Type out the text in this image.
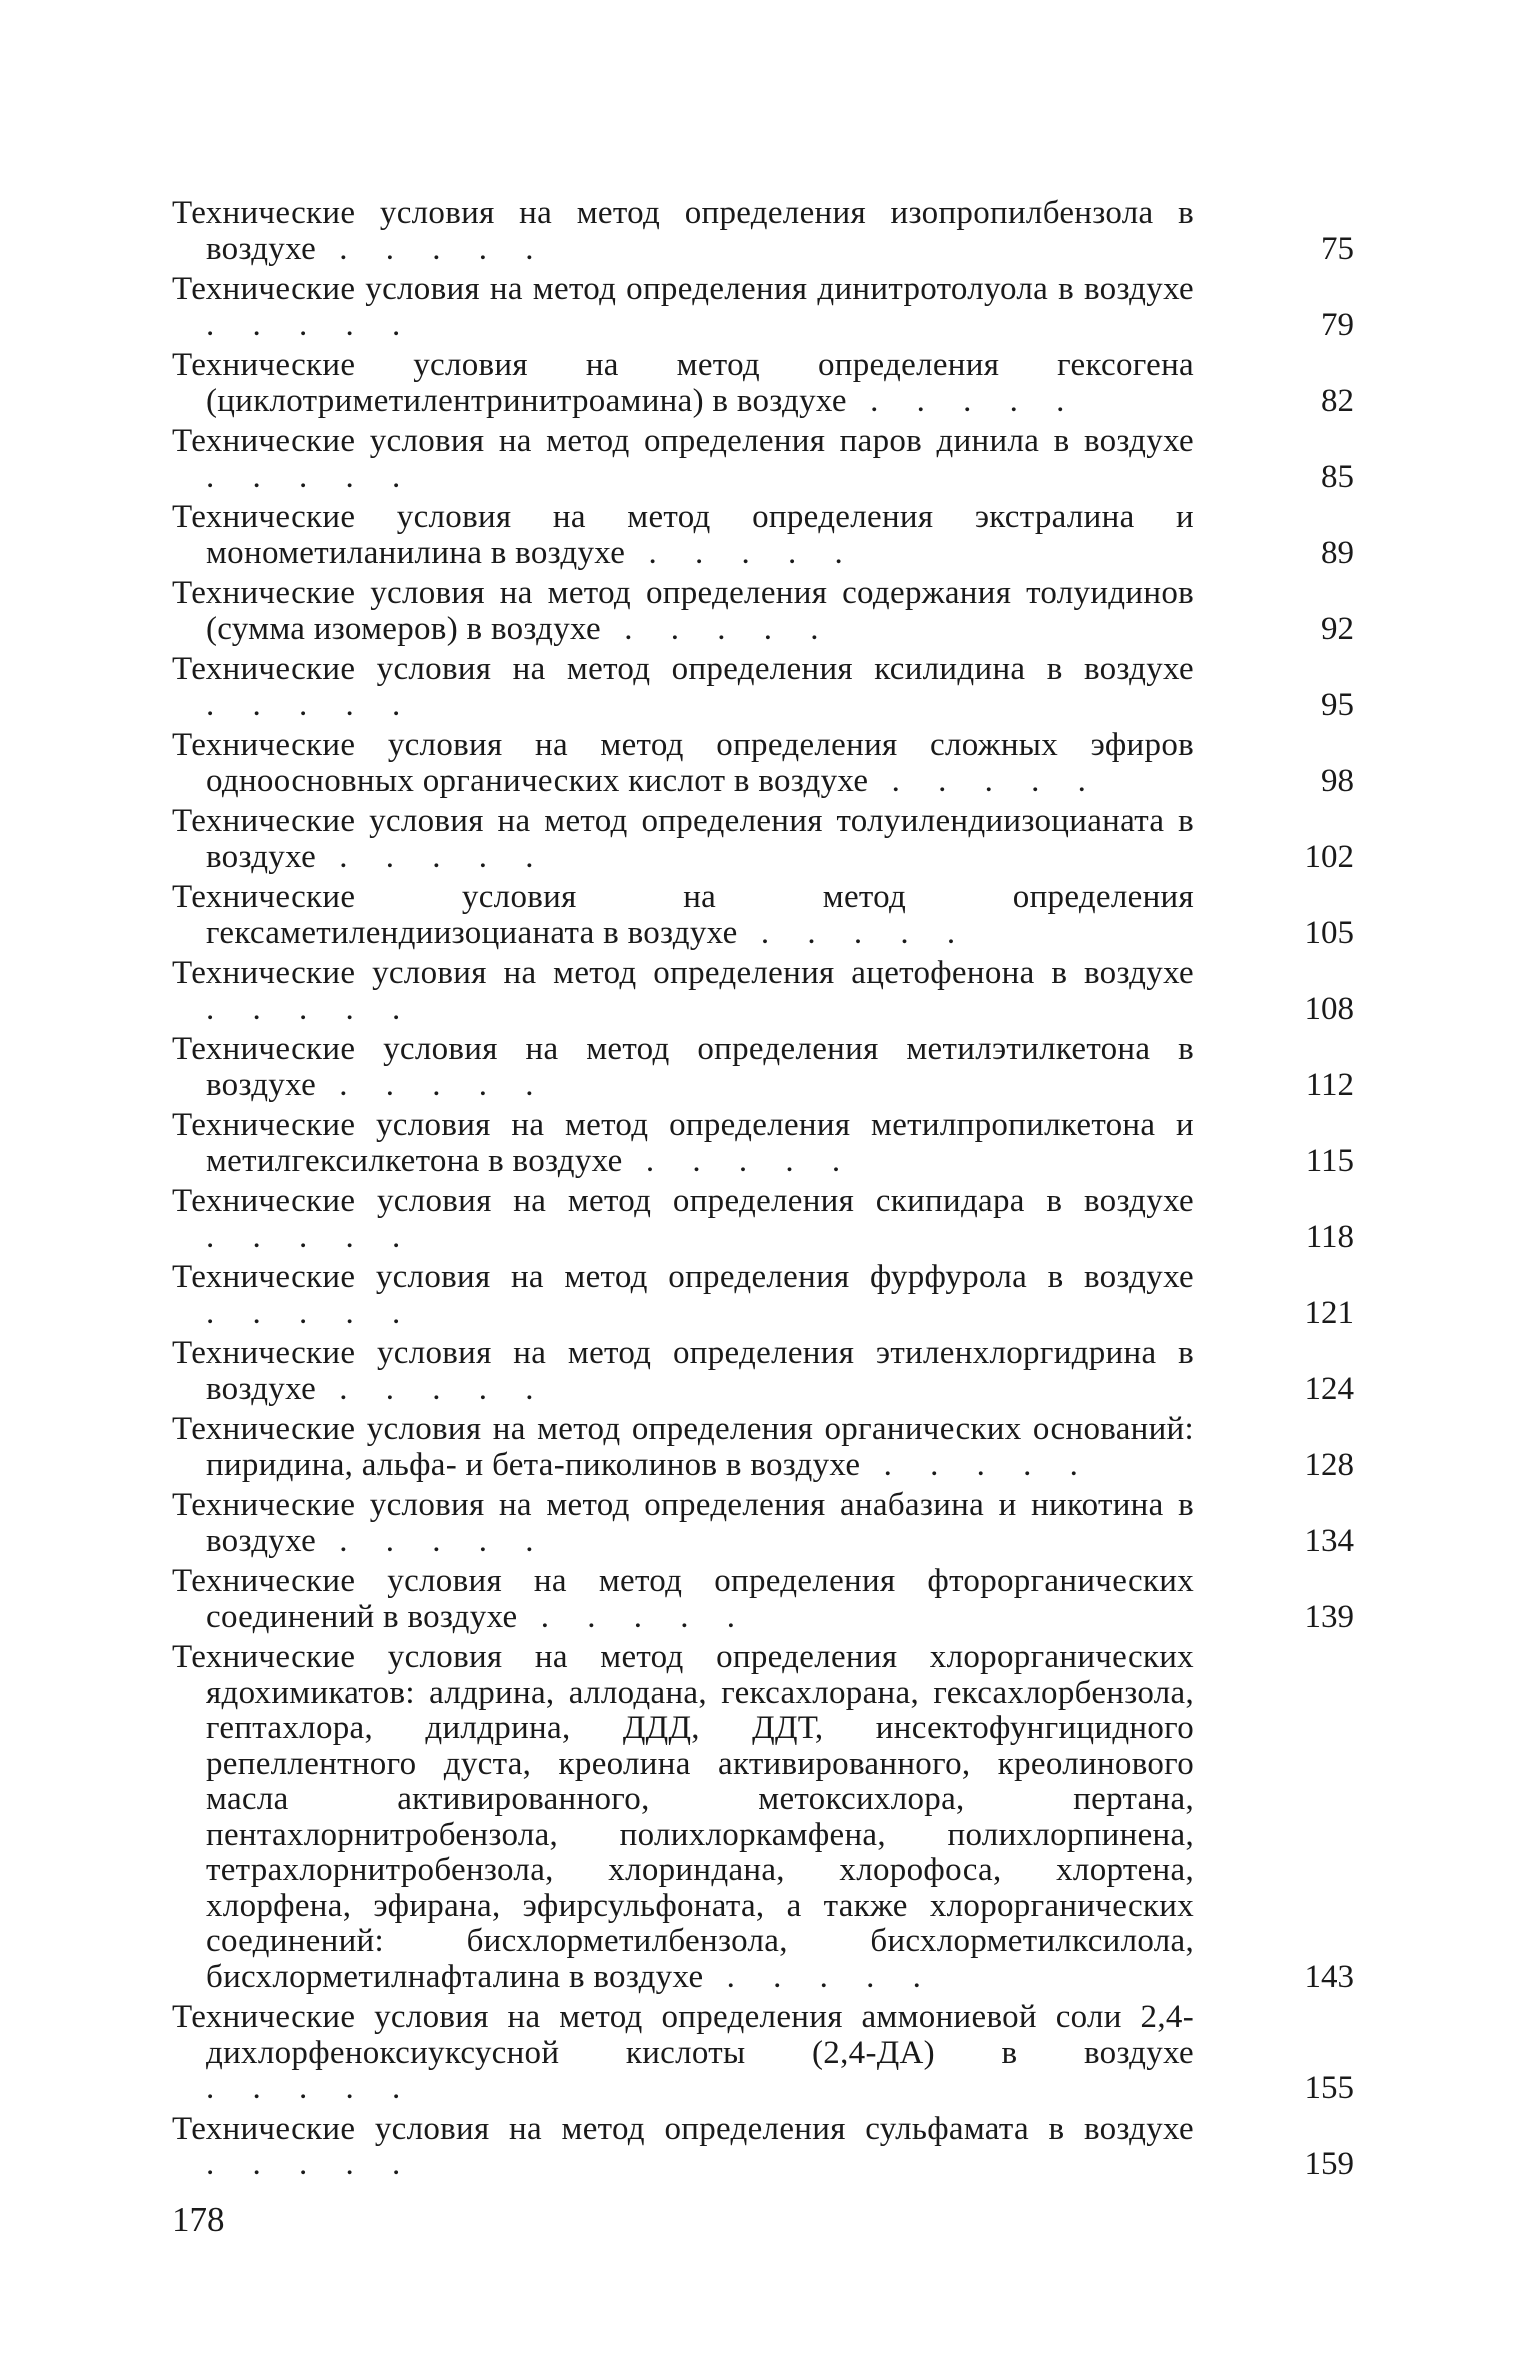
Технические условия на метод определения изопропилбензола в воздухе . . . . .	75
Технические условия на метод определения динитротолуола в воздухе . . . . .	79
Технические условия на метод определения гексогена (циклотриметилентринитроамина) в воздухе . . . . .	82
Технические условия на метод определения паров динила в воздухе . . . . .	85
Технические условия на метод определения экстралина и монометиланилина в воздухе . . . . .	89
Технические условия на метод определения содержания толуидинов (сумма изомеров) в воздухе . . . . .	92
Технические условия на метод определения ксилидина в воздухе . . . . .	95
Технические условия на метод определения сложных эфиров одноосновных органических кислот в воздухе . . . . .	98
Технические условия на метод определения толуилендиизоцианата в воздухе . . . . .	102
Технические условия на метод определения гексаметилендиизоцианата в воздухе . . . . .	105
Технические условия на метод определения ацетофенона в воздухе . . . . .	108
Технические условия на метод определения метилэтилкетона в воздухе . . . . .	112
Технические условия на метод определения метилпропилкетона и метилгексилкетона в воздухе . . . . .	115
Технические условия на метод определения скипидара в воздухе . . . . .	118
Технические условия на метод определения фурфурола в воздухе . . . . .	121
Технические условия на метод определения этиленхлоргидрина в воздухе . . . . .	124
Технические условия на метод определения органических оснований: пиридина, альфа- и бета-пиколинов в воздухе . . . . .	128
Технические условия на метод определения анабазина и никотина в воздухе . . . . .	134
Технические условия на метод определения фторорганических соединений в воздухе . . . . .	139
Технические условия на метод определения хлорорганических ядохимикатов: алдрина, аллодана, гексахлорана, гексахлорбензола, гептахлора, дилдрина, ДДД, ДДТ, инсектофунгицидного репеллентного дуста, креолина активированного, креолинового масла активированного, метоксихлора, пертана, пентахлорнитробензола, полихлоркамфена, полихлорпинена, тетрахлорнитробензола, хлориндана, хлорофоса, хлортена, хлорфена, эфирана, эфирсульфоната, а также хлорорганических соединений: бисхлорметилбензола, бисхлорметилксилола, бисхлорметилнафталина в воздухе . . . . .	143
Технические условия на метод определения аммониевой соли 2,4-дихлорфеноксиуксусной кислоты (2,4-ДА) в воздухе . . . . .	155
Технические условия на метод определения сульфамата в воздухе . . . . .	159
178
